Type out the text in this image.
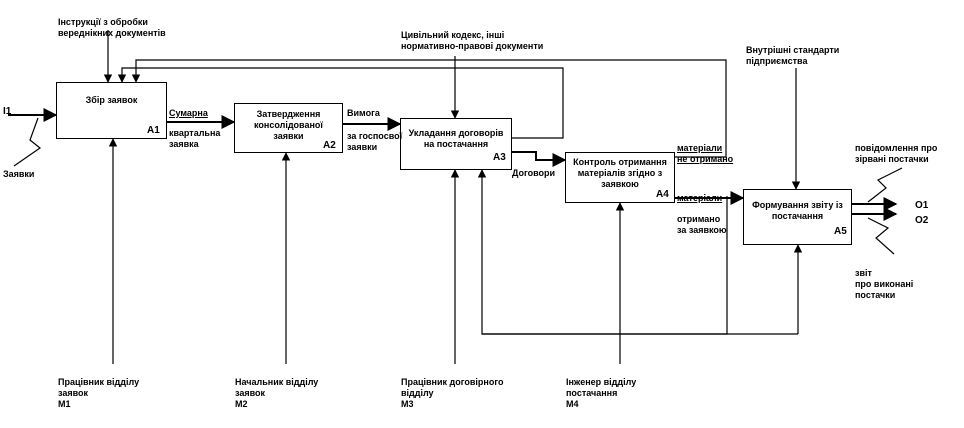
Збір заявок
A1
Затвердження
консолідованої
заявки
A2
Укладання договорів
на постачання
A3	Контроль отримання
матеріалів згідно з
заявкою
A4
Формування звіту із
постачання
A5
I1
Заявки
Сумарна
квартальна
заявка
Вимога
за госпосвої
заявки
Договори
матеріали
не отримано
матеріали
отримано
за заявкою
Інструкції з обробки
вереднікних документів	Цивільний кодекс, інші
нормативно-правові документи	Внутрішні стандарти
підприємства
повідомлення про
зірвані постачки
O1
O2
звіт
про виконані
постачки
Працівник відділу
заявок
М1
Начальник відділу
заявок
М2
Працівник договірного
відділу
М3
Інженер відділу
постачання
М4
